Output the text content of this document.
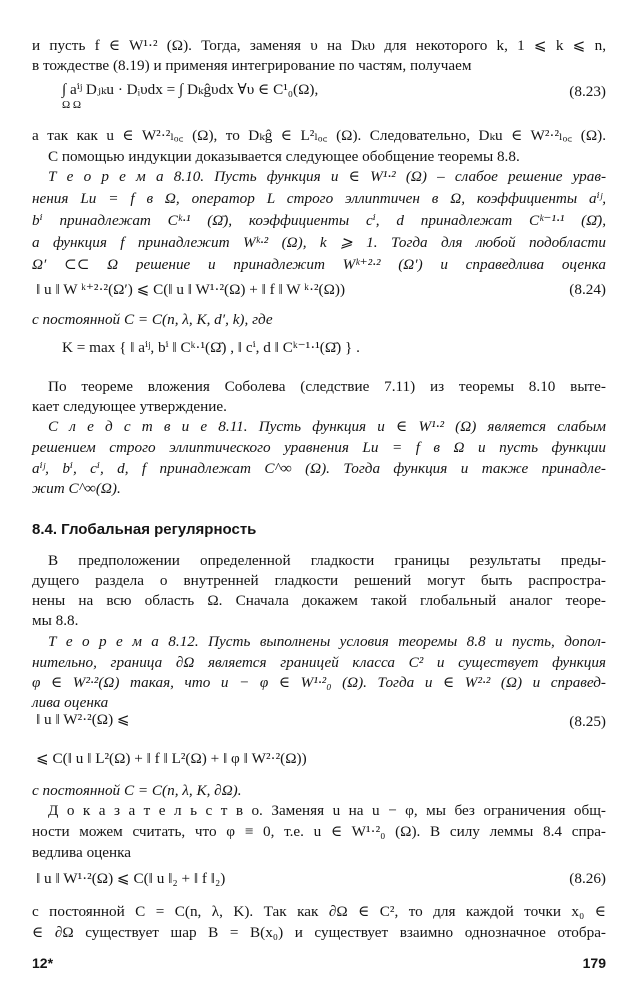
и пусть f ∈ W¹·² (Ω). Тогда, заменяя υ на Dₖυ для некоторого k, 1 ⩽ k ⩽ n,
в тождестве (8.19) и применяя интегрирование по частям, получаем
∫ aⁱʲ Dⱼₖu · Dᵢυdx = ∫ Dₖĝυdx ∀υ ∈ C¹₀(Ω),
Ω Ω
(8.23)
а так как u ∈ W²·²ₗₒ꜀ (Ω), то Dₖĝ ∈ L²ₗₒ꜀ (Ω). Следовательно, Dₖu ∈ W²·²ₗₒ꜀ (Ω).
С помощью индукции доказывается следующее обобщение теоремы 8.8.
Т е о р е м а 8.10. Пусть функция u ∈ W¹·² (Ω) – слабое решение урав-
нения Lu = f в Ω, оператор L строго эллиптичен в Ω, коэффициенты aⁱʲ,
bⁱ принадлежат Cᵏ·¹ (Ω̄), коэффициенты cⁱ, d принадлежат Cᵏ⁻¹·¹ (Ω̄),
а функция f принадлежит Wᵏ·² (Ω), k ⩾ 1. Тогда для любой подобласти
Ω′ ⊂⊂ Ω решение и принадлежит Wᵏ⁺²·² (Ω′) и справедлива оценка
‖ u ‖ W ᵏ⁺²·²(Ω′) ⩽ C(‖ u ‖ W¹·²(Ω) + ‖ f ‖ W ᵏ·²(Ω))	(8.24)
с постоянной C = C(n, λ, K, d′, k), где
K = max { ‖ aⁱʲ, bⁱ ‖ Cᵏ·¹(Ω̄) , ‖ cⁱ, d ‖ Cᵏ⁻¹·¹(Ω̄) } .
По теореме вложения Соболева (следствие 7.11) из теоремы 8.10 выте-
кает следующее утверждение.
С л е д с т в и е 8.11. Пусть функция u ∈ W¹·² (Ω) является слабым
решением строго эллиптического уравнения Lu = f в Ω и пусть функции
aⁱʲ, bⁱ, cⁱ, d, f принадлежат C^∞ (Ω). Тогда функция и также принадле-
жит C^∞(Ω).
8.4. Глобальная регулярность
В предположении определенной гладкости границы результаты преды-
дущего раздела о внутренней гладкости решений могут быть распростра-
нены на всю область Ω. Сначала докажем такой глобальный аналог теоре-
мы 8.8.
Т е о р е м а 8.12. Пусть выполнены условия теоремы 8.8 и пусть, допол-
нительно, граница ∂Ω является границей класса C² и существует функция
φ ∈ W²·²(Ω) такая, что u − φ ∈ W¹·²₀ (Ω). Тогда u ∈ W²·² (Ω) и справед-
лива оценка
‖ u ‖ W²·²(Ω) ⩽	(8.25)
⩽ C(‖ u ‖ L²(Ω) + ‖ f ‖ L²(Ω) + ‖ φ ‖ W²·²(Ω))
с постоянной C = C(n, λ, K, ∂Ω).
Д о к а з а т е л ь с т в о. Заменяя u на u − φ, мы без ограничения общ-
ности можем считать, что φ ≡ 0, т.е. u ∈ W¹·²₀ (Ω). В силу леммы 8.4 спра-
ведлива оценка
‖ u ‖ W¹·²(Ω) ⩽ C(‖ u ‖₂ + ‖ f ‖₂)	(8.26)
с постоянной C = C(n, λ, K). Так как ∂Ω ∈ C², то для каждой точки x₀ ∈
∈ ∂Ω существует шар B = B(x₀) и существует взаимно однозначное отобра-
12*	179
